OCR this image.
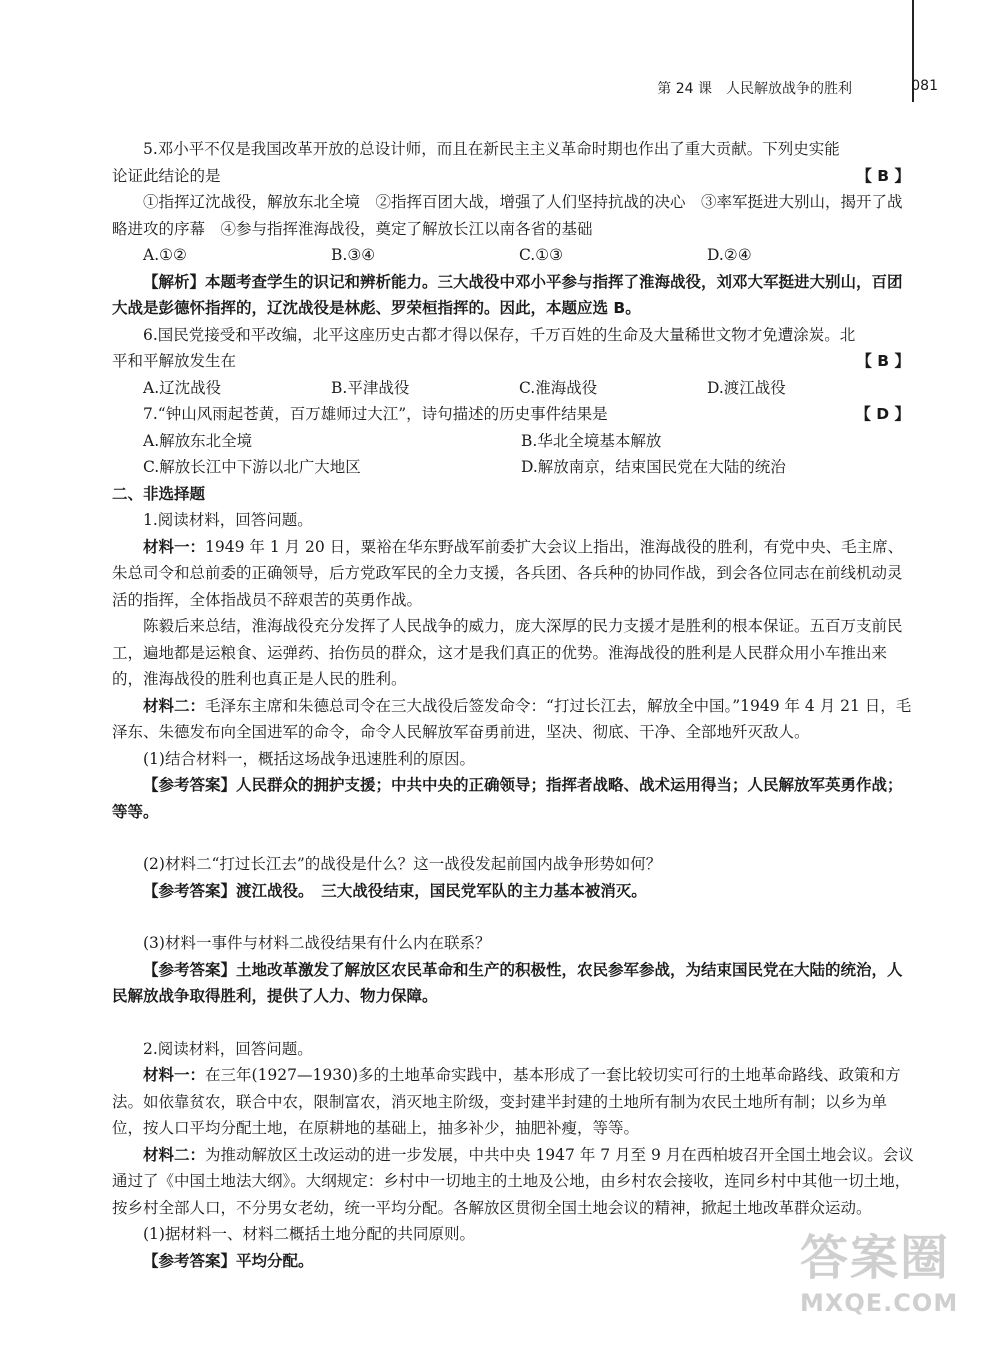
第 24 课　人民解放战争的胜利	081

5.邓小平不仅是我国改革开放的总设计师，而且在新民主主义革命时期也作出了重大贡献。下列史实能

论证此结论的是	【 B 】

①指挥辽沈战役，解放东北全境　②指挥百团大战，增强了人们坚持抗战的决心　③率军挺进大别山，揭开了战略进攻的序幕　④参与指挥淮海战役，奠定了解放长江以南各省的基础

A.①②	B.③④	C.①③	D.②④

【解析】本题考查学生的识记和辨析能力。三大战役中邓小平参与指挥了淮海战役，刘邓大军挺进大别山，百团大战是彭德怀指挥的，辽沈战役是林彪、罗荣桓指挥的。因此，本题应选 B。

6.国民党接受和平改编，北平这座历史古都才得以保存，千万百姓的生命及大量稀世文物才免遭涂炭。北

平和平解放发生在	【 B 】
A.辽沈战役	B.平津战役	C.淮海战役	D.渡江战役
7.“钟山风雨起苍黄，百万雄师过大江”，诗句描述的历史事件结果是	【 D 】
A.解放东北全境	B.华北全境基本解放
C.解放长江中下游以北广大地区	D.解放南京，结束国民党在大陆的统治

二、非选择题

1.阅读材料，回答问题。

材料一：1949 年 1 月 20 日，粟裕在华东野战军前委扩大会议上指出，淮海战役的胜利，有党中央、毛主席、朱总司令和总前委的正确领导，后方党政军民的全力支援，各兵团、各兵种的协同作战，到会各位同志在前线机动灵活的指挥，全体指战员不辞艰苦的英勇作战。

陈毅后来总结，淮海战役充分发挥了人民战争的威力，庞大深厚的民力支援才是胜利的根本保证。五百万支前民工，遍地都是运粮食、运弹药、抬伤员的群众，这才是我们真正的优势。淮海战役的胜利是人民群众用小车推出来的，淮海战役的胜利也真正是人民的胜利。

材料二：毛泽东主席和朱德总司令在三大战役后签发命令：“打过长江去，解放全中国。”1949 年 4 月 21 日，毛泽东、朱德发布向全国进军的命令，命令人民解放军奋勇前进，坚决、彻底、干净、全部地歼灭敌人。

(1)结合材料一，概括这场战争迅速胜利的原因。

【参考答案】人民群众的拥护支援；中共中央的正确领导；指挥者战略、战术运用得当；人民解放军英勇作战；等等。

(2)材料二“打过长江去”的战役是什么？这一战役发起前国内战争形势如何？

【参考答案】渡江战役。　三大战役结束，国民党军队的主力基本被消灭。

(3)材料一事件与材料二战役结果有什么内在联系？

【参考答案】土地改革激发了解放区农民革命和生产的积极性，农民参军参战，为结束国民党在大陆的统治，人民解放战争取得胜利，提供了人力、物力保障。

2.阅读材料，回答问题。

材料一：在三年(1927—1930)多的土地革命实践中，基本形成了一套比较切实可行的土地革命路线、政策和方法。如依靠贫农，联合中农，限制富农，消灭地主阶级，变封建半封建的土地所有制为农民土地所有制；以乡为单位，按人口平均分配土地，在原耕地的基础上，抽多补少，抽肥补瘦，等等。

材料二：为推动解放区土改运动的进一步发展，中共中央 1947 年 7 月至 9 月在西柏坡召开全国土地会议。会议通过了《中国土地法大纲》。大纲规定：乡村中一切地主的土地及公地，由乡村农会接收，连同乡村中其他一切土地，按乡村全部人口，不分男女老幼，统一平均分配。各解放区贯彻全国土地会议的精神，掀起土地改革群众运动。

(1)据材料一、材料二概括土地分配的共同原则。

【参考答案】平均分配。	答案圈
MXQE.COM
